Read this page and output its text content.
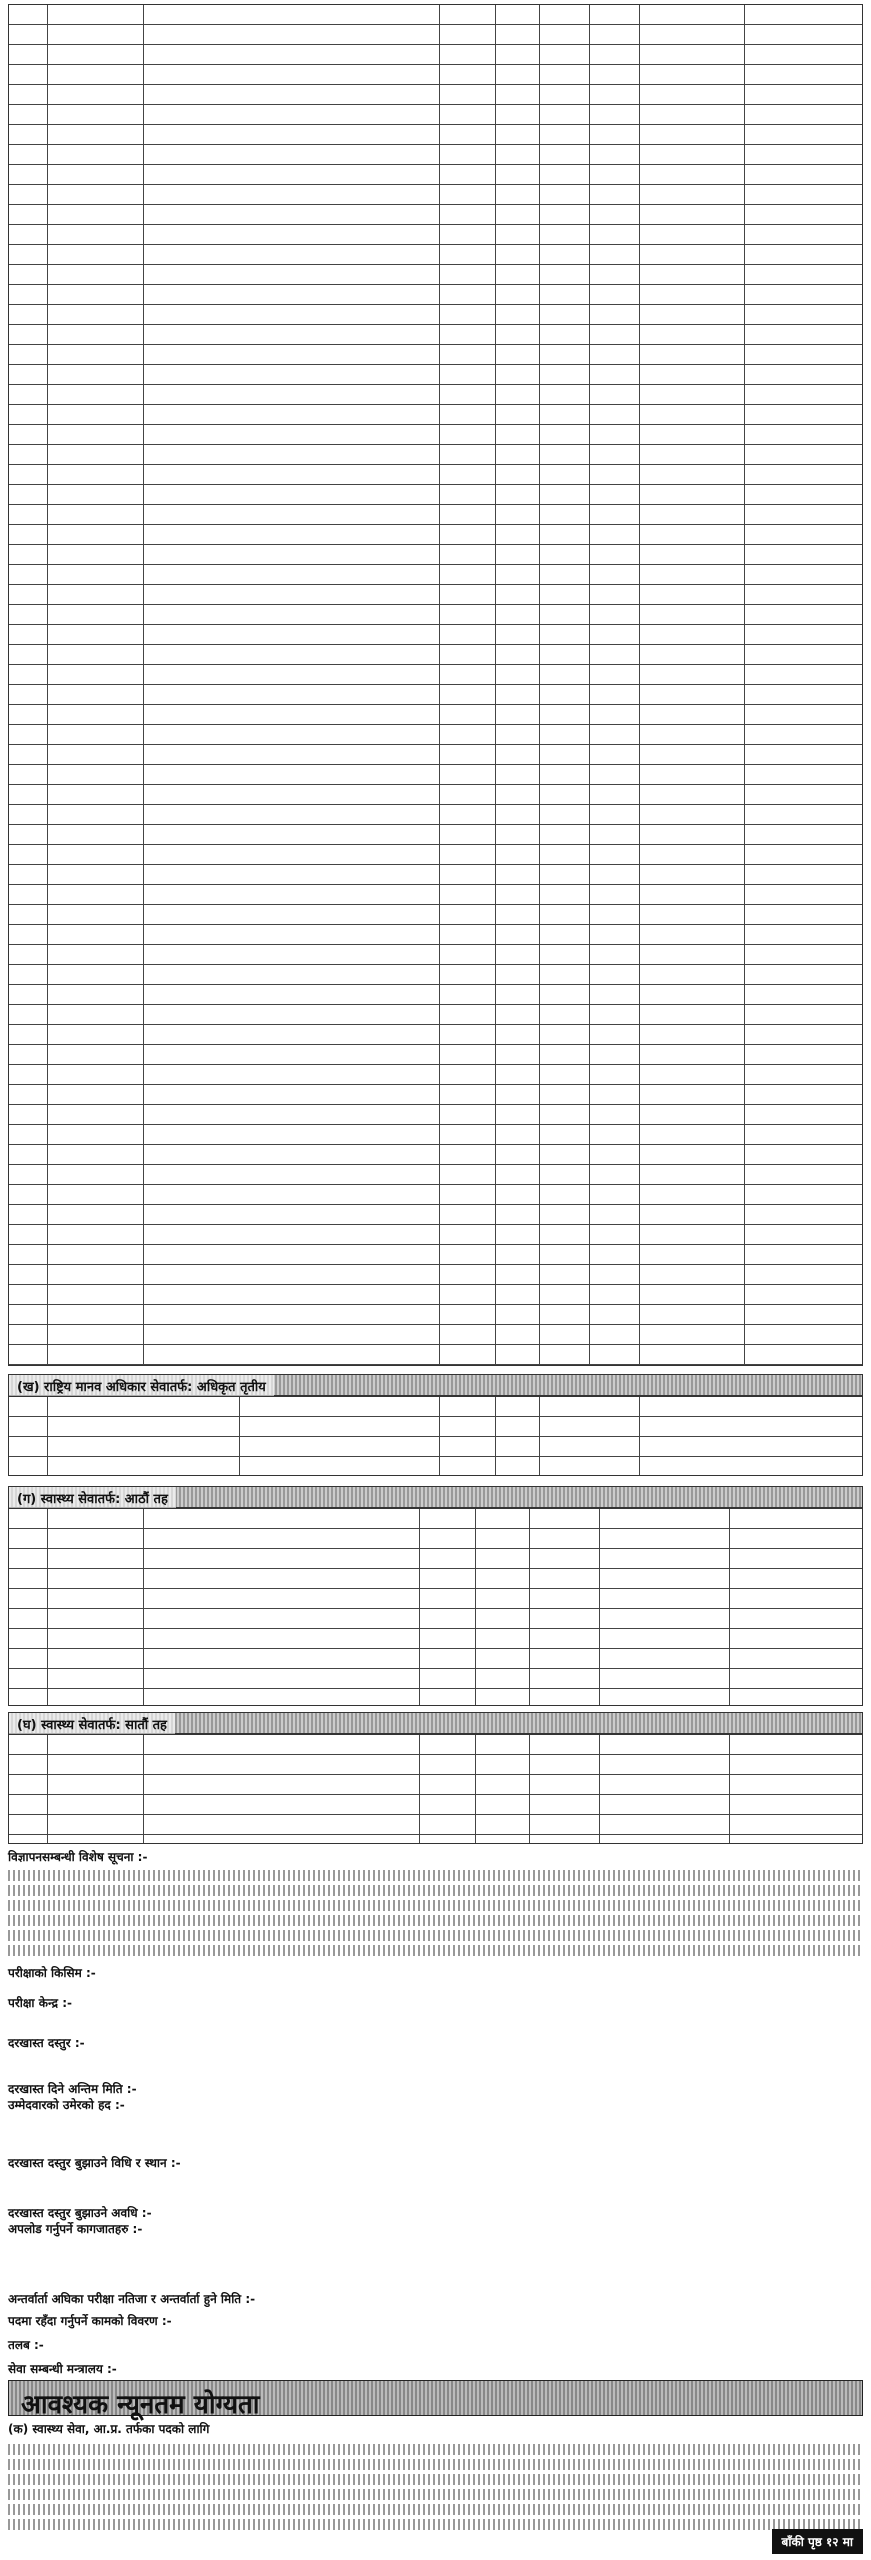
(ख) राष्ट्रिय मानव अधिकार सेवातर्फ: अधिकृत तृतीय
(ग) स्वास्थ्य सेवातर्फ: आठौं तह
(घ) स्वास्थ्य सेवातर्फ: सातौं तह
विज्ञापनसम्बन्धी विशेष सूचना :-
परीक्षाको किसिम :-
परीक्षा केन्द्र :-
दरखास्त दस्तुर :-
दरखास्त दिने अन्तिम मिति :-
उम्मेदवारको उमेरको हद :-
दरखास्त दस्तुर बुझाउने विधि र स्थान :-
दरखास्त दस्तुर बुझाउने अवधि :-
अपलोड गर्नुपर्ने कागजातहरु :-
अन्तर्वार्ता अघिका परीक्षा नतिजा र अन्तर्वार्ता हुने मिति :-
पदमा रहँदा गर्नुपर्ने कामको विवरण :-
तलब :-
सेवा सम्बन्धी मन्त्रालय :-
आवश्यक न्यूनतम योग्यता
(क) स्वास्थ्य सेवा, आ.प्र. तर्फका पदको लागि
बाँकी पृष्ठ १२ मा
